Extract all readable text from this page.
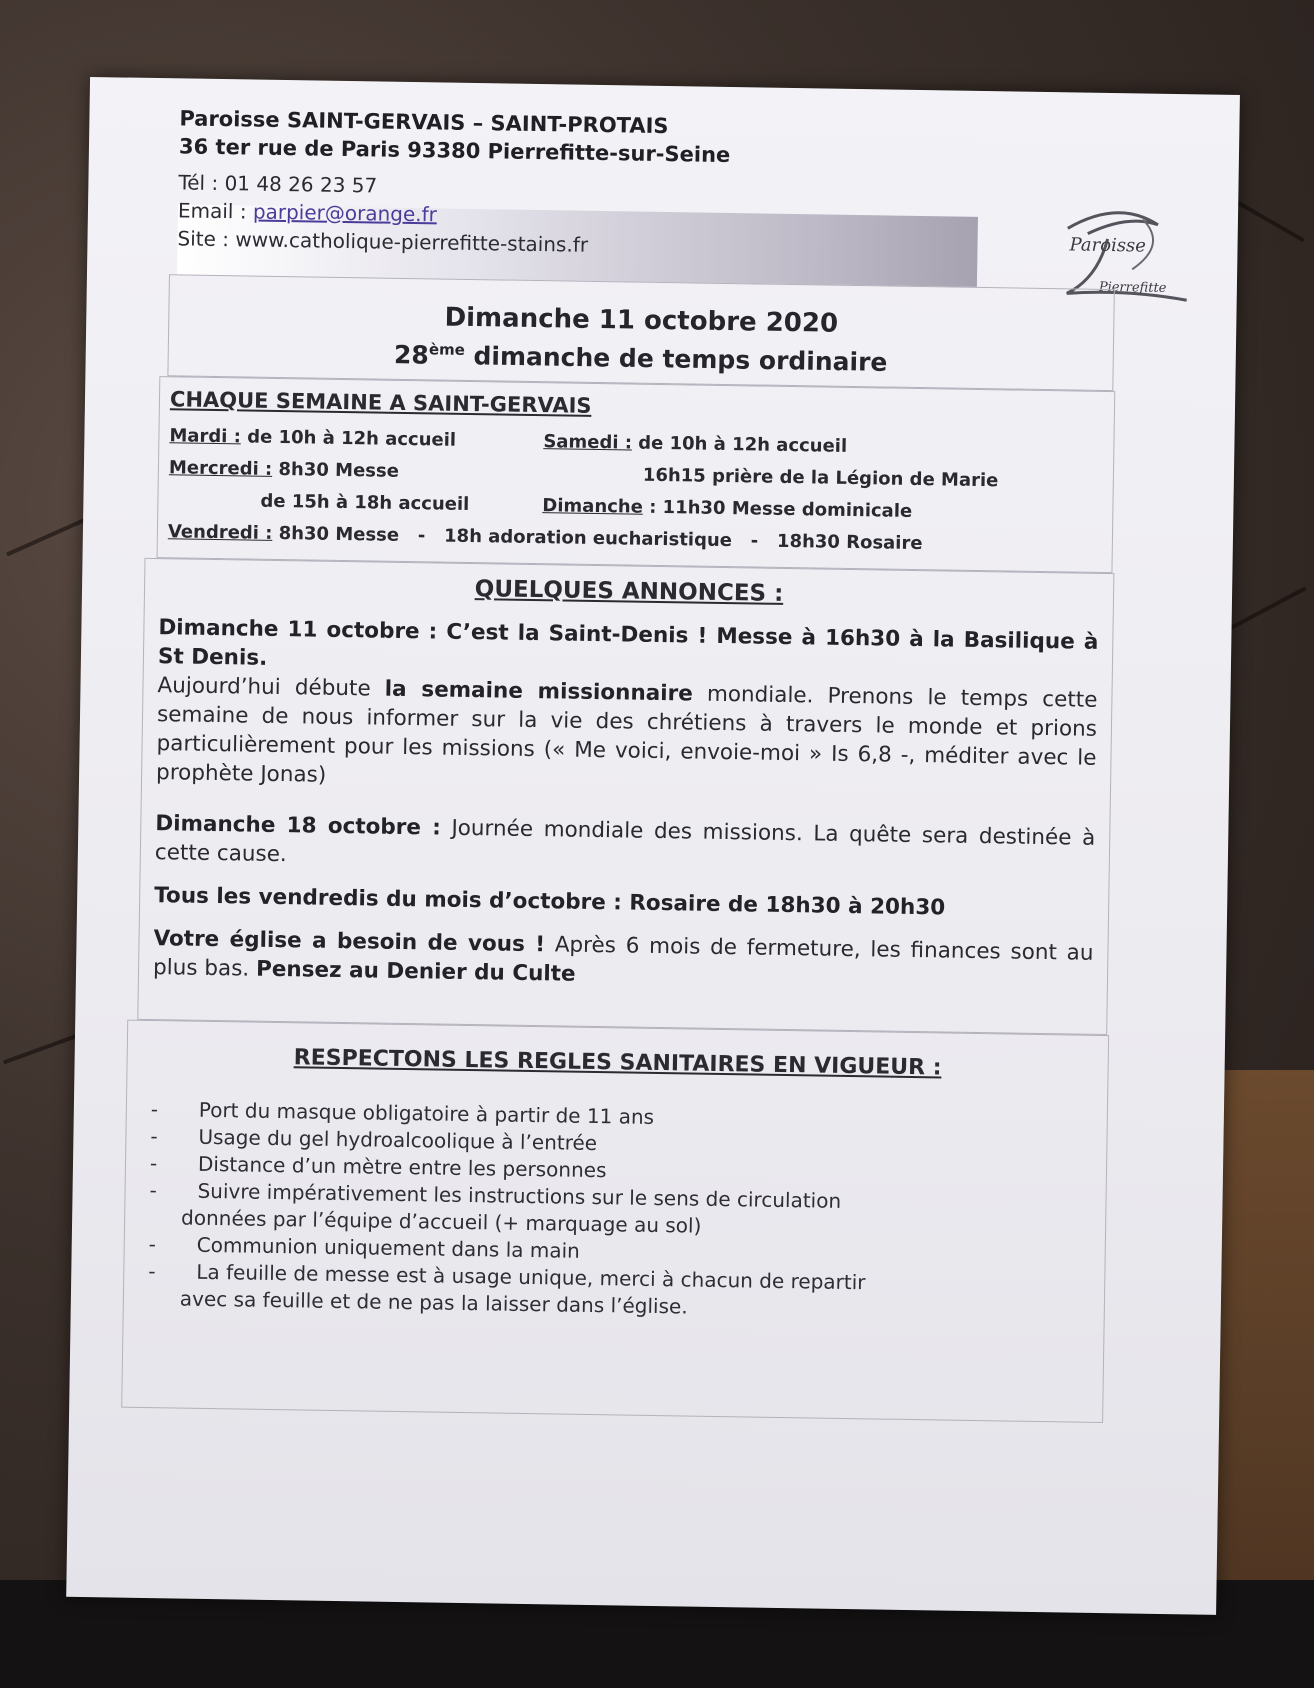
Paroisse SAINT-GERVAIS – SAINT-PROTAIS
36 ter rue de Paris 93380 Pierrefitte-sur-Seine
Tél : 01 48 26 23 57
Email : parpier@orange.fr
Site : www.catholique-pierrefitte-stains.fr	Paroisse
Pierrefitte
Dimanche 11 octobre 2020
28ème dimanche de temps ordinaire
CHAQUE SEMAINE A SAINT-GERVAIS
Mardi : de 10h à 12h accueil
Mercredi : 8h30 Messe
de 15h à 18h accueil
Vendredi : 8h30 Messe   -   18h adoration eucharistique   -   18h30 Rosaire
Samedi : de 10h à 12h accueil
16h15 prière de la Légion de Marie
Dimanche : 11h30 Messe dominicale
QUELQUES ANNONCES :
Dimanche 11 octobre : C’est la Saint-Denis ! Messe à 16h30 à la Basilique à St Denis.
Aujourd’hui débute la semaine missionnaire mondiale. Prenons le temps cette semaine de nous informer sur la vie des chrétiens à travers le monde et prions particulièrement pour les missions (« Me voici, envoie-moi » Is 6,8 -, méditer avec le prophète Jonas)
Dimanche 18 octobre : Journée mondiale des missions. La quête sera destinée à cette cause.
Tous les vendredis du mois d’octobre : Rosaire de 18h30 à 20h30
Votre église a besoin de vous ! Après 6 mois de fermeture, les finances sont au plus bas. Pensez au Denier du Culte
RESPECTONS LES REGLES SANITAIRES EN VIGUEUR :
- Port du masque obligatoire à partir de 11 ans
- Usage du gel hydroalcoolique à l’entrée
- Distance d’un mètre entre les personnes
- Suivre impérativement les instructions sur le sens de circulation
données par l’équipe d’accueil (+ marquage au sol)
- Communion uniquement dans la main
- La feuille de messe est à usage unique, merci à chacun de repartir
avec sa feuille et de ne pas la laisser dans l’église.
